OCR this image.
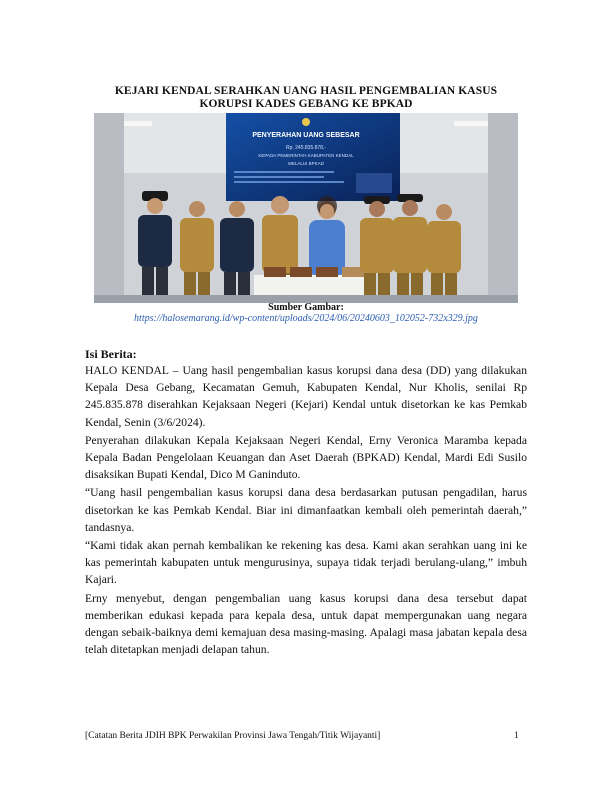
KEJARI KENDAL SERAHKAN UANG HASIL PENGEMBALIAN KASUS
KORUPSI KADES GEBANG KE BPKAD
PENYERAHAN UANG SEBESAR
Rp. 245.835.878,-
KEPADA PEMERINTAH KABUPATEN KENDAL
MELALUI BPKAD
Sumber Gambar:
https://halosemarang.id/wp-content/uploads/2024/06/20240603_102052-732x329.jpg
Isi Berita:

HALO KENDAL – Uang hasil pengembalian kasus korupsi dana desa (DD) yang dilakukan Kepala Desa Gebang, Kecamatan Gemuh, Kabupaten Kendal, Nur Kholis, senilai Rp 245.835.878 diserahkan Kejaksaan Negeri (Kejari) Kendal untuk disetorkan ke kas Pemkab Kendal, Senin (3/6/2024).

Penyerahan dilakukan Kepala Kejaksaan Negeri Kendal, Erny Veronica Maramba kepada Kepala Badan Pengelolaan Keuangan dan Aset Daerah (BPKAD) Kendal, Mardi Edi Susilo disaksikan Bupati Kendal, Dico M Ganinduto.

“Uang hasil pengembalian kasus korupsi dana desa berdasarkan putusan pengadilan, harus disetorkan ke kas Pemkab Kendal. Biar ini dimanfaatkan kembali oleh pemerintah daerah,” tandasnya.

“Kami tidak akan pernah kembalikan ke rekening kas desa. Kami akan serahkan uang ini ke kas pemerintah kabupaten untuk mengurusinya, supaya tidak terjadi berulang-ulang,” imbuh Kajari.

Erny menyebut, dengan pengembalian uang kasus korupsi dana desa tersebut dapat memberikan edukasi kepada para kepala desa, untuk dapat mempergunakan uang negara dengan sebaik-baiknya demi kemajuan desa masing-masing. Apalagi masa jabatan kepala desa telah ditetapkan menjadi delapan tahun.

[Catatan Berita JDIH BPK Perwakilan Provinsi Jawa Tengah/Titik Wijayanti]	1
